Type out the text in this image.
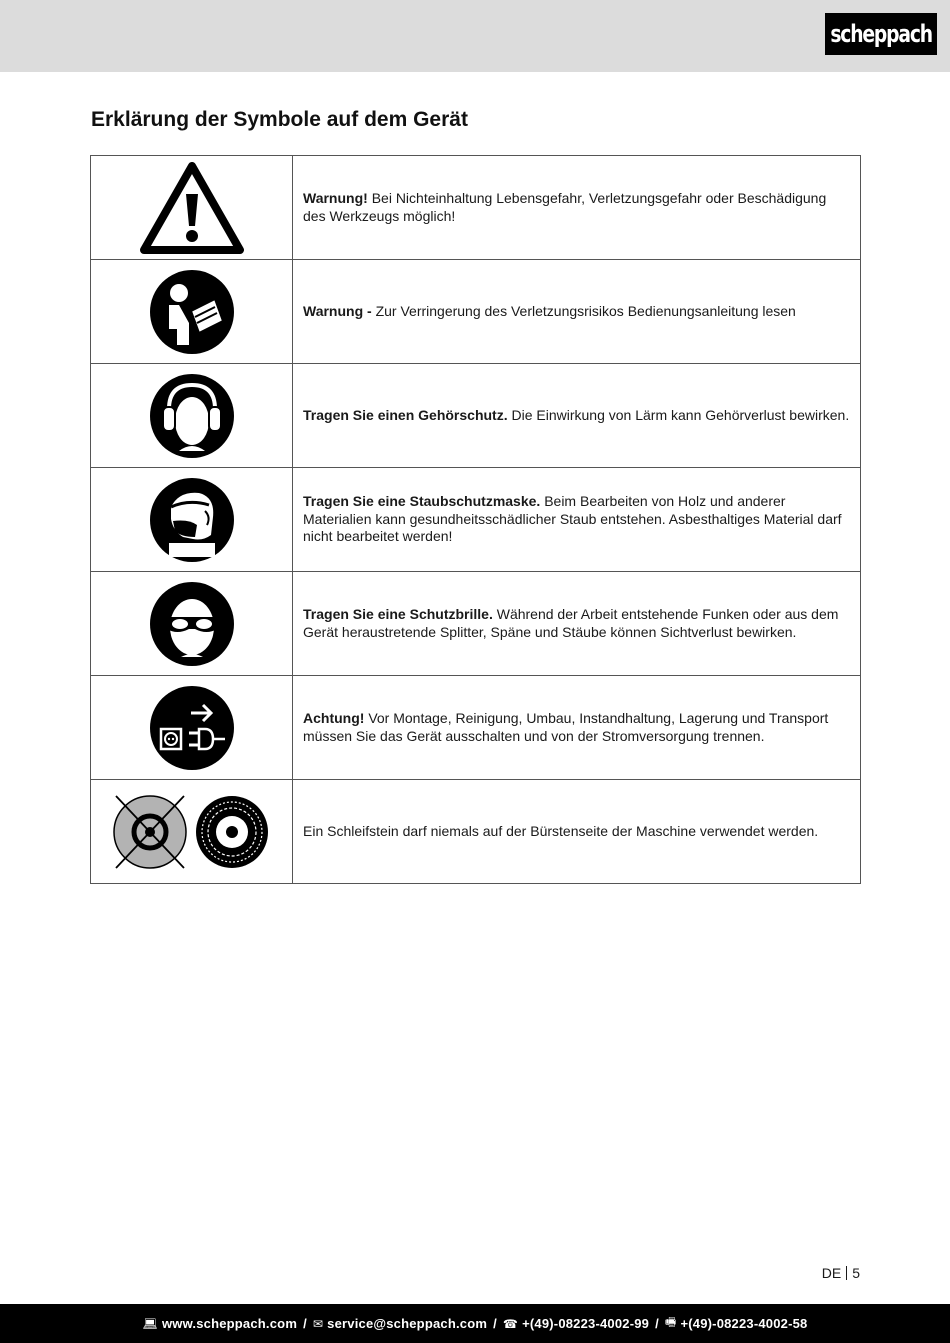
scheppach
Erklärung der Symbole auf dem Gerät
	Warnung! Bei Nichteinhaltung Lebensgefahr, Verletzungsgefahr oder Beschädigung des Werkzeugs möglich!

	Warnung - Zur Verringerung des Verletzungsrisikos Bedienungsanleitung lesen

	Tragen Sie einen Gehörschutz. Die Einwirkung von Lärm kann Gehörverlust bewirken.

	Tragen Sie eine Staubschutzmaske. Beim Bearbeiten von Holz und anderer Materialien kann gesundheitsschädlicher Staub entstehen. Asbesthaltiges Material darf nicht bearbeitet werden!

	Tragen Sie eine Schutzbrille. Während der Arbeit entstehende Funken oder aus dem Gerät heraustretende Splitter, Späne und Stäube können Sichtverlust bewirken.

	Achtung! Vor Montage, Reinigung, Umbau, Instandhaltung, Lagerung und Transport müssen Sie das Gerät ausschalten und von der Stromversorgung trennen.

	Ein Schleifstein darf niemals auf der Bürstenseite der Maschine verwendet werden.
DE 5
💻︎ www.scheppach.com / ✉︎ service@scheppach.com / ☎︎ +(49)-08223-4002-99 / 🖷︎ +(49)-08223-4002-58
